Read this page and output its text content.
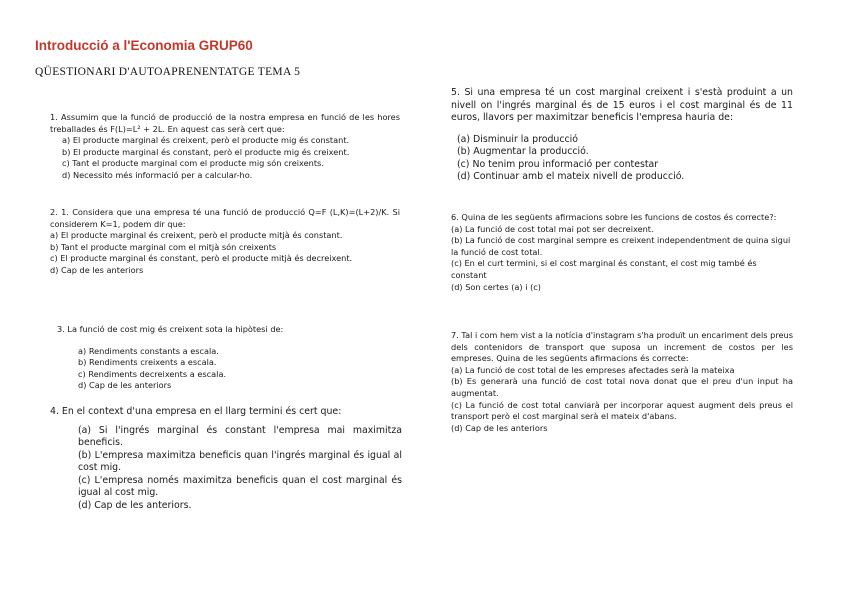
Introducció a l'Economia GRUP60
QÜESTIONARI D'AUTOAPRENENTATGE TEMA 5

1. Assumim que la funció de producció de la nostra empresa en funció de les hores treballades és F(L)=L² + 2L. En aquest cas serà cert que:

a) El producte marginal és creixent, però el producte mig és constant.

b) El producte marginal és constant, però el producte mig és creixent.

c) Tant el producte marginal com el producte mig són creixents.

d) Necessito més informació per a calcular-ho.

2. 1. Considera que una empresa té una funció de producció Q=F (L,K)=(L+2)/K. Si considerem K=1, podem dir que:

a) El producte marginal és creixent, però el producte mitjà és constant.

b) Tant el producte marginal com el mitjà són creixents

c) El producte marginal és constant, però el producte mitjà és decreixent.

d) Cap de les anteriors

3. La funció de cost mig és creixent sota la hipòtesi de:

a) Rendiments constants a escala.

b) Rendiments creixents a escala.

c) Rendiments decreixents a escala.

d) Cap de les anteriors

4. En el context d'una empresa en el llarg termini és cert que:

(a) Si l'ingrés marginal és constant l'empresa mai maximitza beneficis.

(b) L'empresa maximitza beneficis quan l'ingrés marginal és igual al cost mig.

(c) L'empresa només maximitza beneficis quan el cost marginal és igual al cost mig.

(d) Cap de les anteriors.

5. Si una empresa té un cost marginal creixent i s'està produint a un nivell on l'ingrés marginal és de 15 euros i el cost marginal és de 11 euros, llavors per maximitzar beneficis l'empresa hauria de:

(a) Disminuir la producció

(b) Augmentar la producció.

(c) No tenim prou informació per contestar

(d) Continuar amb el mateix nivell de producció.

6. Quina de les següents afirmacions sobre les funcions de costos és correcte?:

(a) La funció de cost total mai pot ser decreixent.

(b) La funció de cost marginal sempre es creixent independentment de quina sigui la funció de cost total.

(c) En el curt termini, si el cost marginal és constant, el cost mig també és constant

(d) Son certes (a) i (c)

7. Tal i com hem vist a la notícia d'instagram s'ha produït un encariment dels preus dels contenidors de transport que suposa un increment de costos per les empreses. Quina de les següents afirmacions és correcte:

(a) La funció de cost total de les empreses afectades serà la mateixa

(b) Es generarà una funció de cost total nova donat que el preu d'un input ha augmentat.

(c) La funció de cost total canviarà per incorporar aquest augment dels preus el transport però el cost marginal serà el mateix d'abans.

(d) Cap de les anteriors
